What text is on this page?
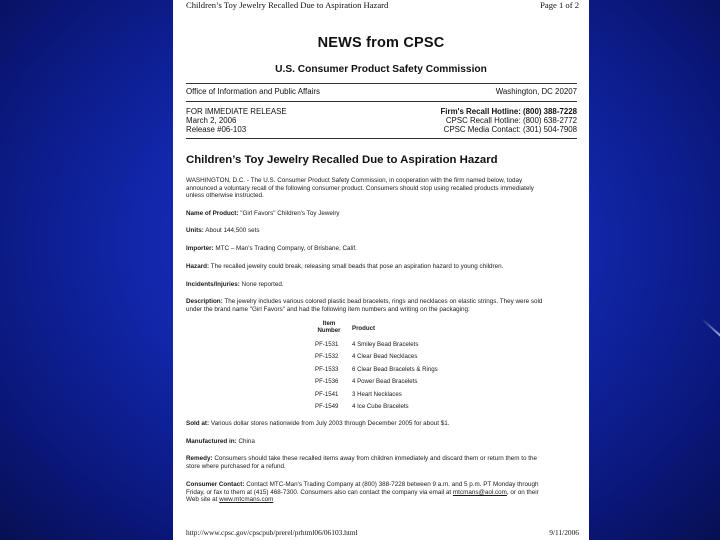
Children’s Toy Jewelry Recalled Due to Aspiration Hazard	Page 1 of 2
NEWS from CPSC
U.S. Consumer Product Safety Commission
Office of Information and Public Affairs	Washington, DC 20207
FOR IMMEDIATE RELEASE
March 2, 2006
Release #06-103
Firm's Recall Hotline: (800) 388-7228
CPSC Recall Hotline: (800) 638-2772
CPSC Media Contact: (301) 504-7908
Children’s Toy Jewelry Recalled Due to Aspiration Hazard
WASHINGTON, D.C. - The U.S. Consumer Product Safety Commission, in cooperation with the firm named below, today
announced a voluntary recall of the following consumer product. Consumers should stop using recalled products immediately
unless otherwise instructed.
Name of Product: "Girl Favors" Children's Toy Jewelry
Units: About 144,500 sets
Importer: MTC – Man's Trading Company, of Brisbane, Calif.
Hazard: The recalled jewelry could break, releasing small beads that pose an aspiration hazard to young children.
Incidents/Injuries: None reported.
Description: The jewelry includes various colored plastic bead bracelets, rings and necklaces on elastic strings. They were sold
under the brand name "Girl Favors" and had the following item numbers and writing on the packaging:
Item
Number	Product
PF-1531 4 Smiley Bead Bracelets
PF-1532 4 Clear Bead Necklaces
PF-1533 6 Clear Bead Bracelets & Rings
PF-1536 4 Power Bead Bracelets
PF-1541 3 Heart Necklaces
PF-1549 4 Ice Cube Bracelets
Sold at: Various dollar stores nationwide from July 2003 through December 2005 for about $1.
Manufactured in: China
Remedy: Consumers should take these recalled items away from children immediately and discard them or return them to the
store where purchased for a refund.
Consumer Contact: Contact MTC-Man's Trading Company at (800) 388-7228 between 9 a.m. and 5 p.m. PT Monday through
Friday, or fax to them at (415) 468-7300. Consumers also can contact the company via email at mtcmans@aol.com, or on their
Web site at www.mtcmans.com
http://www.cpsc.gov/cpscpub/prerel/prhtml06/06103.html	9/11/2006
